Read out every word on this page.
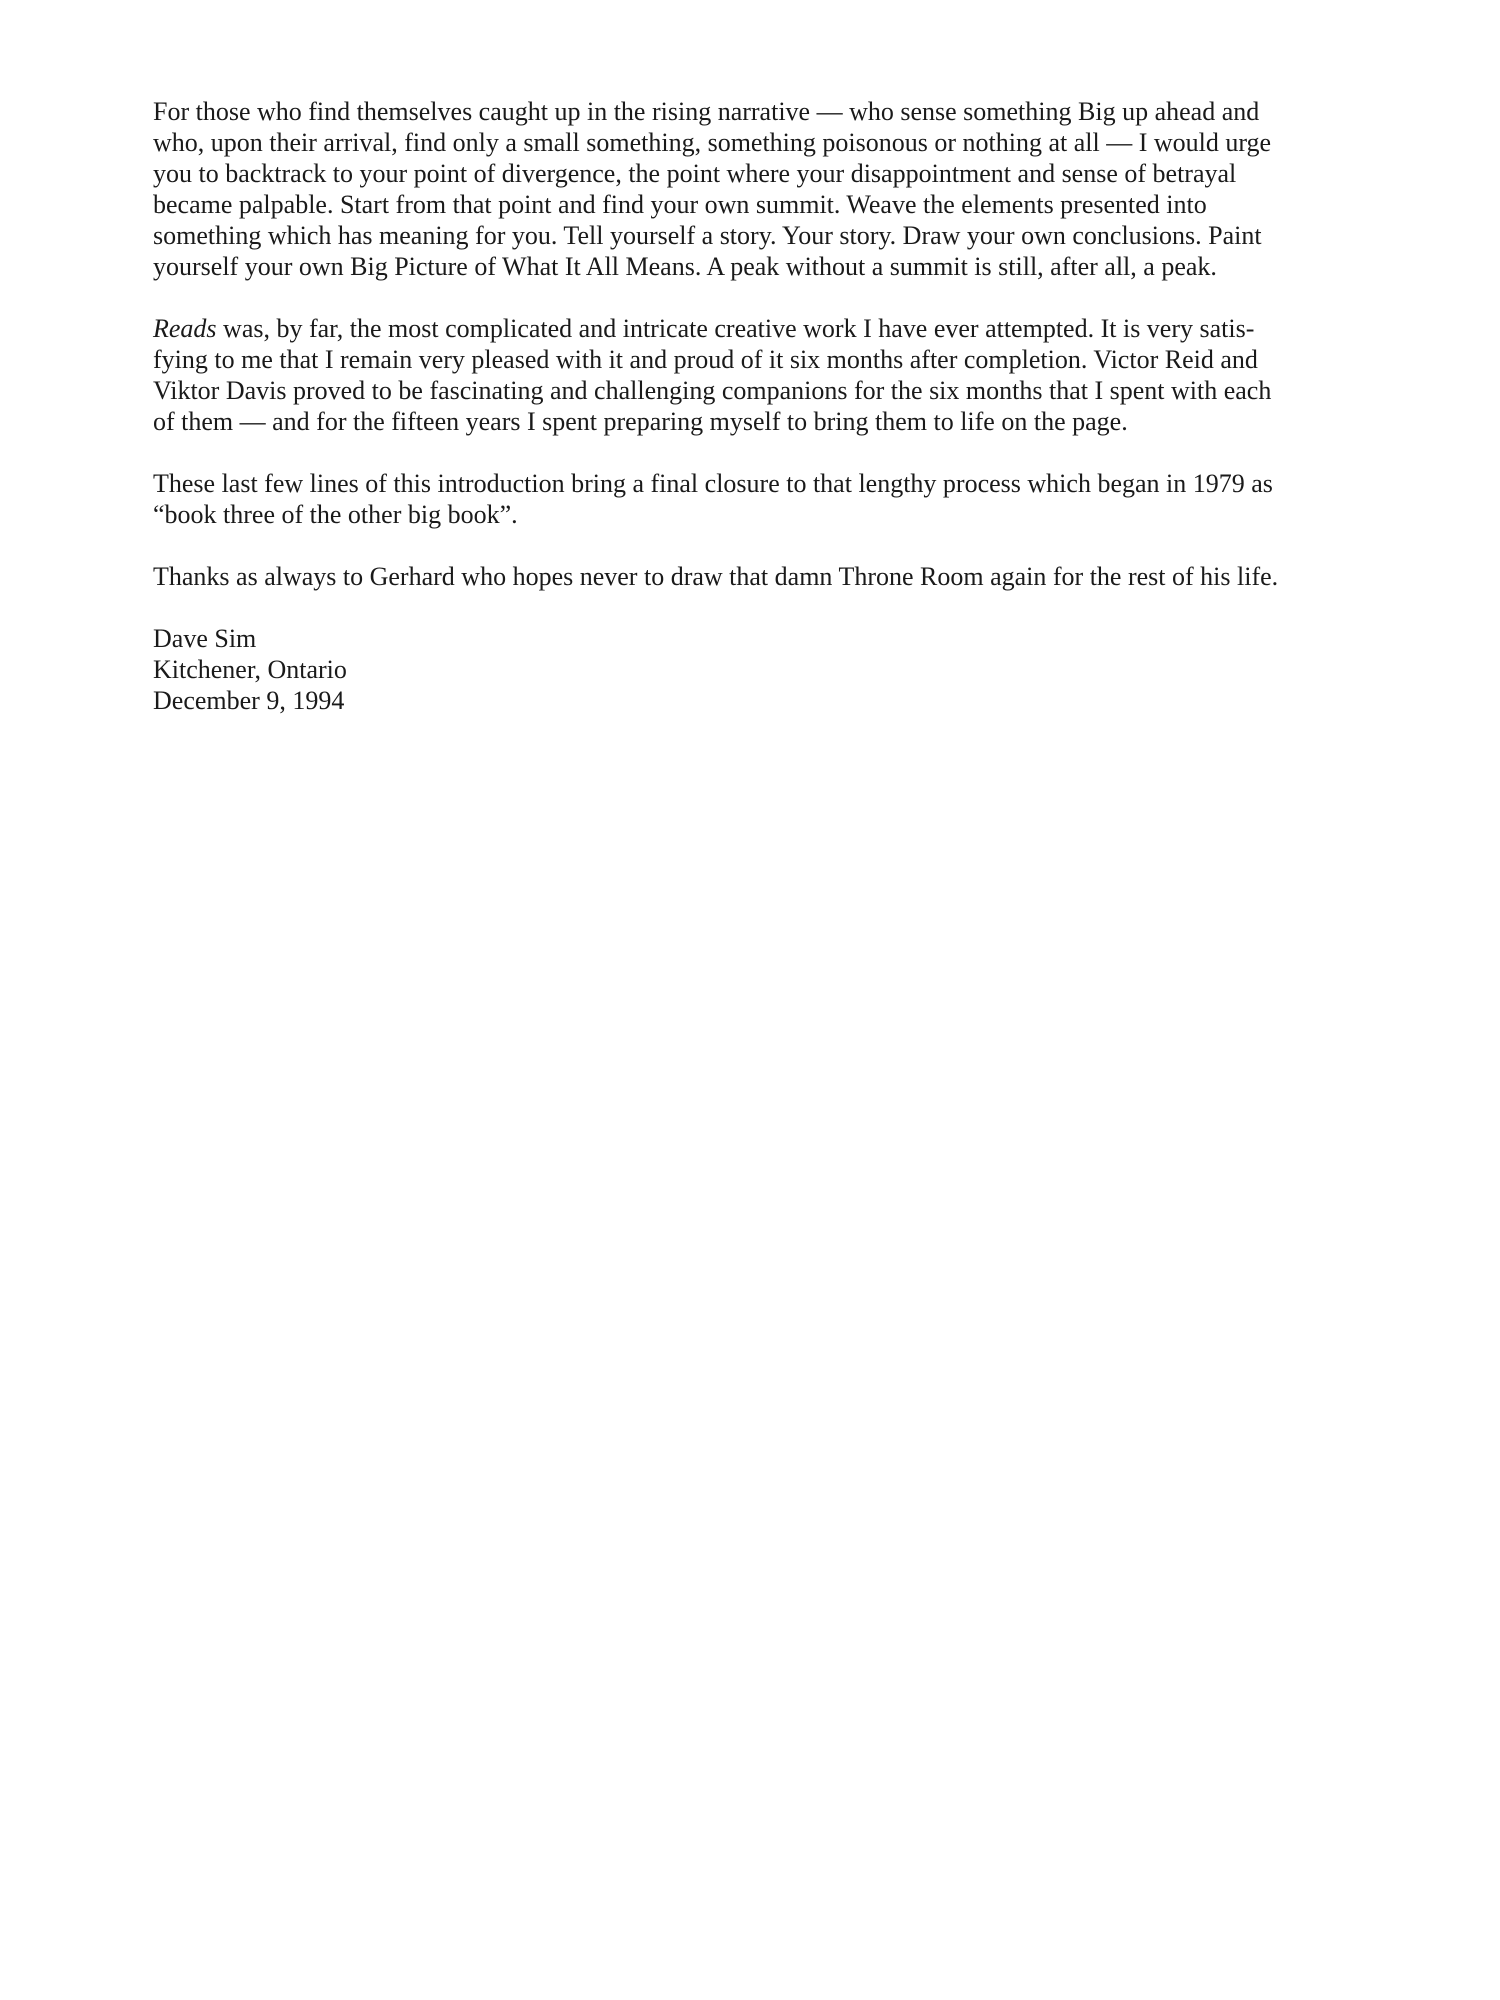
For those who find themselves caught up in the rising narrative — who sense something Big up ahead and
who, upon their arrival, find only a small something, something poisonous or nothing at all — I would urge
you to backtrack to your point of divergence, the point where your disappointment and sense of betrayal
became palpable. Start from that point and find your own summit. Weave the elements presented into
something which has meaning for you. Tell yourself a story. Your story. Draw your own conclusions. Paint
yourself your own Big Picture of What It All Means. A peak without a summit is still, after all, a peak.

Reads was, by far, the most complicated and intricate creative work I have ever attempted. It is very satis-
fying to me that I remain very pleased with it and proud of it six months after completion. Victor Reid and
Viktor Davis proved to be fascinating and challenging companions for the six months that I spent with each
of them — and for the fifteen years I spent preparing myself to bring them to life on the page.

These last few lines of this introduction bring a final closure to that lengthy process which began in 1979 as
“book three of the other big book”.

Thanks as always to Gerhard who hopes never to draw that damn Throne Room again for the rest of his life.

Dave Sim
Kitchener, Ontario
December 9, 1994
